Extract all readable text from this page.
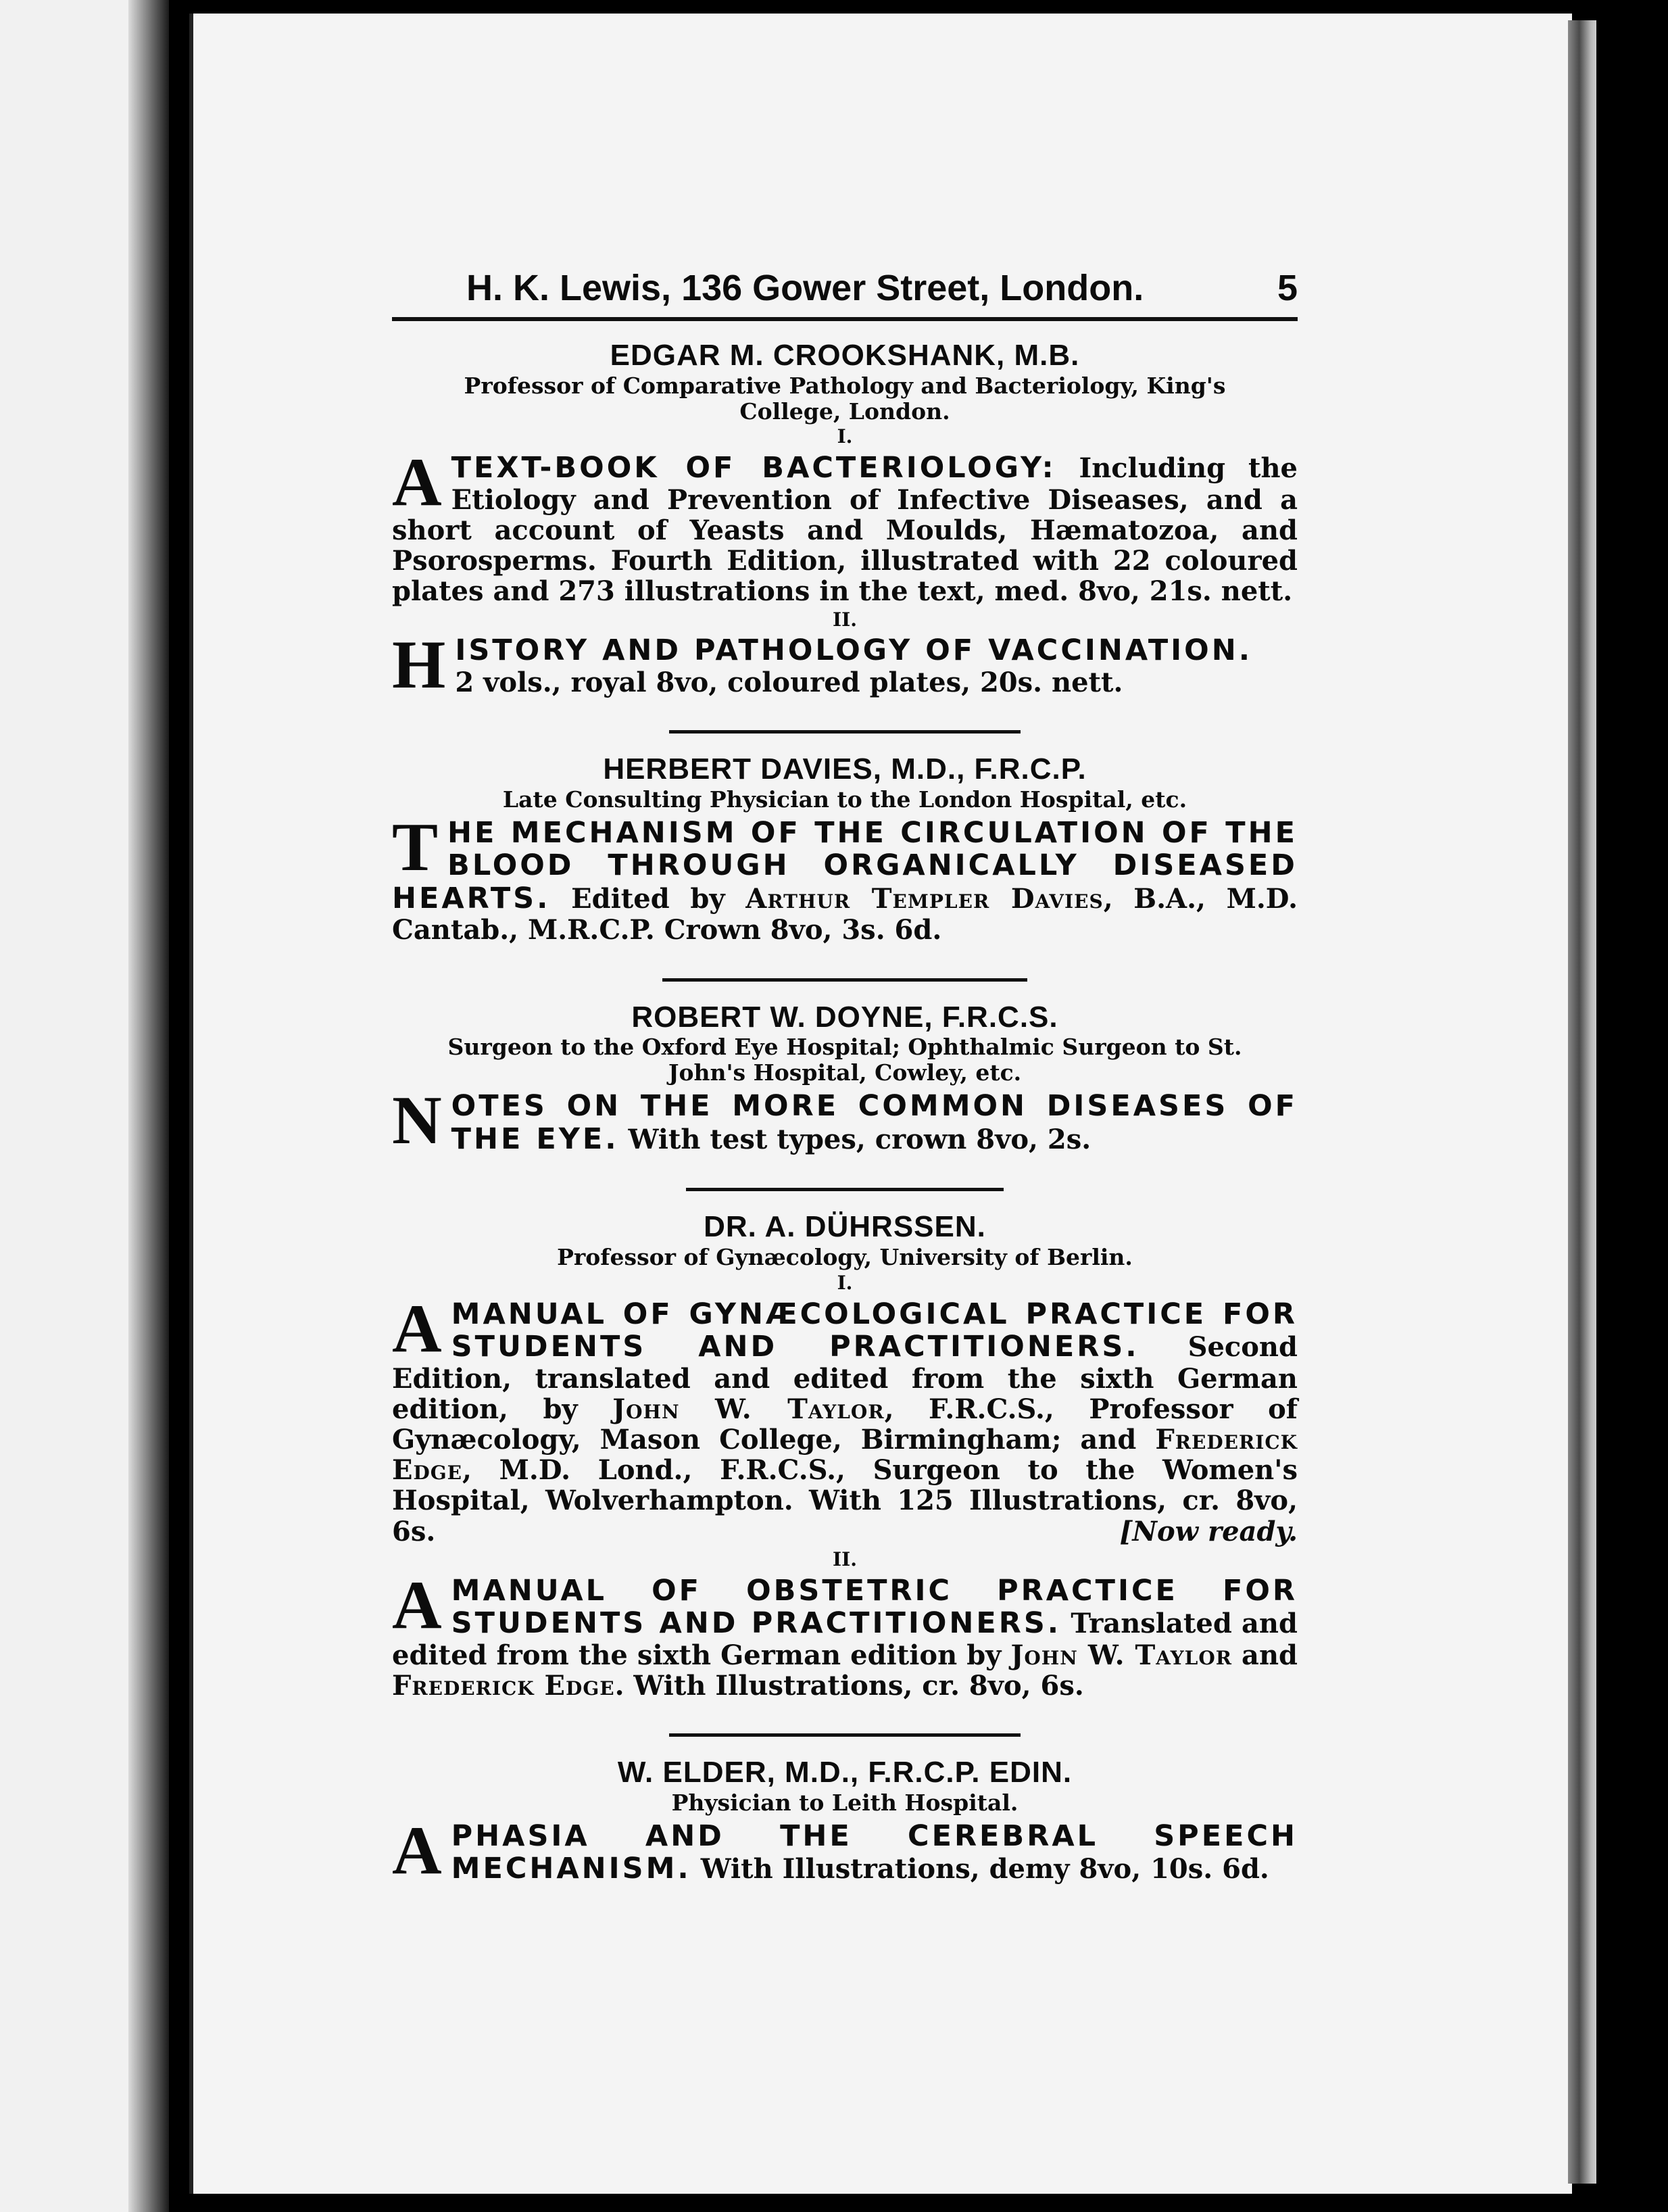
H. K. Lewis, 136 Gower Street, London.	5
EDGAR M. CROOKSHANK, M.B.
Professor of Comparative Pathology and Bacteriology, King's College, London.
I.
ATEXT-BOOK OF BACTERIOLOGY: Including the Etiology and Prevention of Infective Diseases, and a short account of Yeasts and Moulds, Hæmatozoa, and Psorosperms. Fourth Edition, illustrated with 22 coloured plates and 273 illustrations in the text, med. 8vo, 21s. nett.
II.
HISTORY AND PATHOLOGY OF VACCINATION.
2 vols., royal 8vo, coloured plates, 20s. nett.
HERBERT DAVIES, M.D., F.R.C.P.
Late Consulting Physician to the London Hospital, etc.
THE MECHANISM OF THE CIRCULATION OF THE BLOOD THROUGH ORGANICALLY DISEASED HEARTS. Edited by Arthur Templer Davies, B.A., M.D. Cantab., M.R.C.P. Crown 8vo, 3s. 6d.
ROBERT W. DOYNE, F.R.C.S.
Surgeon to the Oxford Eye Hospital; Ophthalmic Surgeon to St. John's Hospital, Cowley, etc.
NOTES ON THE MORE COMMON DISEASES OF THE EYE. With test types, crown 8vo, 2s.
DR. A. DÜHRSSEN.
Professor of Gynæcology, University of Berlin.
I.
AMANUAL OF GYNÆCOLOGICAL PRACTICE FOR STUDENTS AND PRACTITIONERS. Second Edition, translated and edited from the sixth German edition, by John W. Taylor, F.R.C.S., Professor of Gynæcology, Mason College, Birmingham; and Frederick Edge, M.D. Lond., F.R.C.S., Surgeon to the Women's Hospital, Wolverhampton. With 125 Illustrations, cr. 8vo, 6s.	[Now ready.
II.
AMANUAL OF OBSTETRIC PRACTICE FOR STUDENTS AND PRACTITIONERS. Translated and edited from the sixth German edition by John W. Taylor and Frederick Edge. With Illustrations, cr. 8vo, 6s.
W. ELDER, M.D., F.R.C.P. EDIN.
Physician to Leith Hospital.
APHASIA AND THE CEREBRAL SPEECH MECHANISM. With Illustrations, demy 8vo, 10s. 6d.
